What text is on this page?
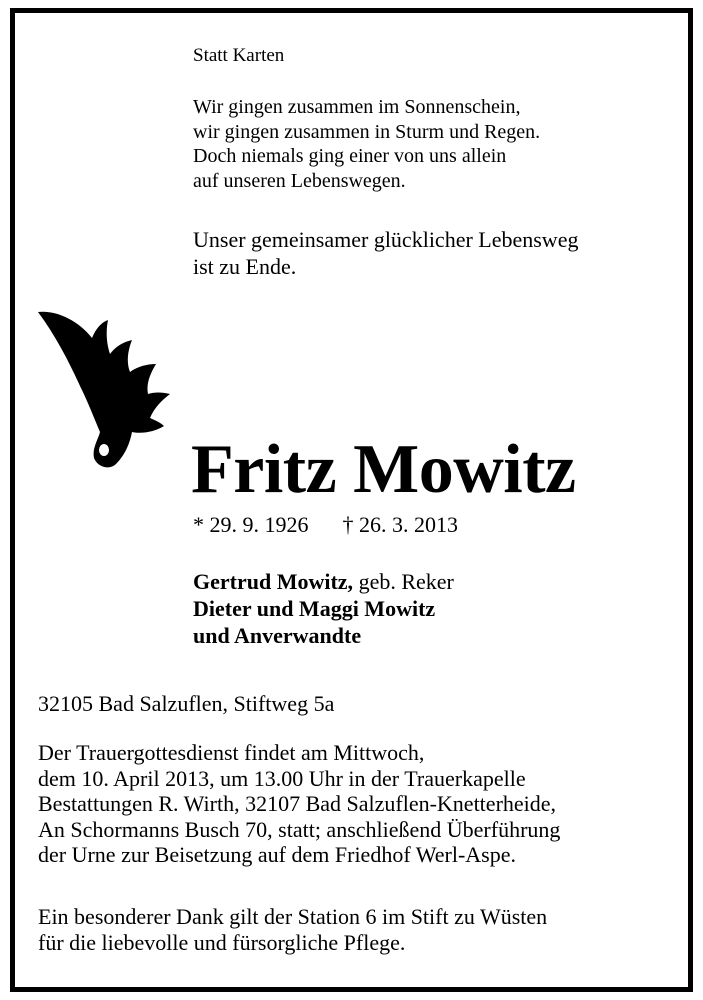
Statt Karten
Wir gingen zusammen im Sonnenschein,
wir gingen zusammen in Sturm und Regen.
Doch niemals ging einer von uns allein
auf unseren Lebenswegen.
Unser gemeinsamer glücklicher Lebensweg
ist zu Ende.
Fritz Mowitz
* 29. 9. 1926 † 26. 3. 2013
Gertrud Mowitz, geb. Reker
Dieter und Maggi Mowitz
und Anverwandte
32105 Bad Salzuflen, Stiftweg 5a
Der Trauergottesdienst findet am Mittwoch,
dem 10. April 2013, um 13.00 Uhr in der Trauerkapelle
Bestattungen R. Wirth, 32107 Bad Salzuflen-Knetterheide,
An Schormanns Busch 70, statt; anschließend Überführung
der Urne zur Beisetzung auf dem Friedhof Werl-Aspe.
Ein besonderer Dank gilt der Station 6 im Stift zu Wüsten
für die liebevolle und fürsorgliche Pflege.
